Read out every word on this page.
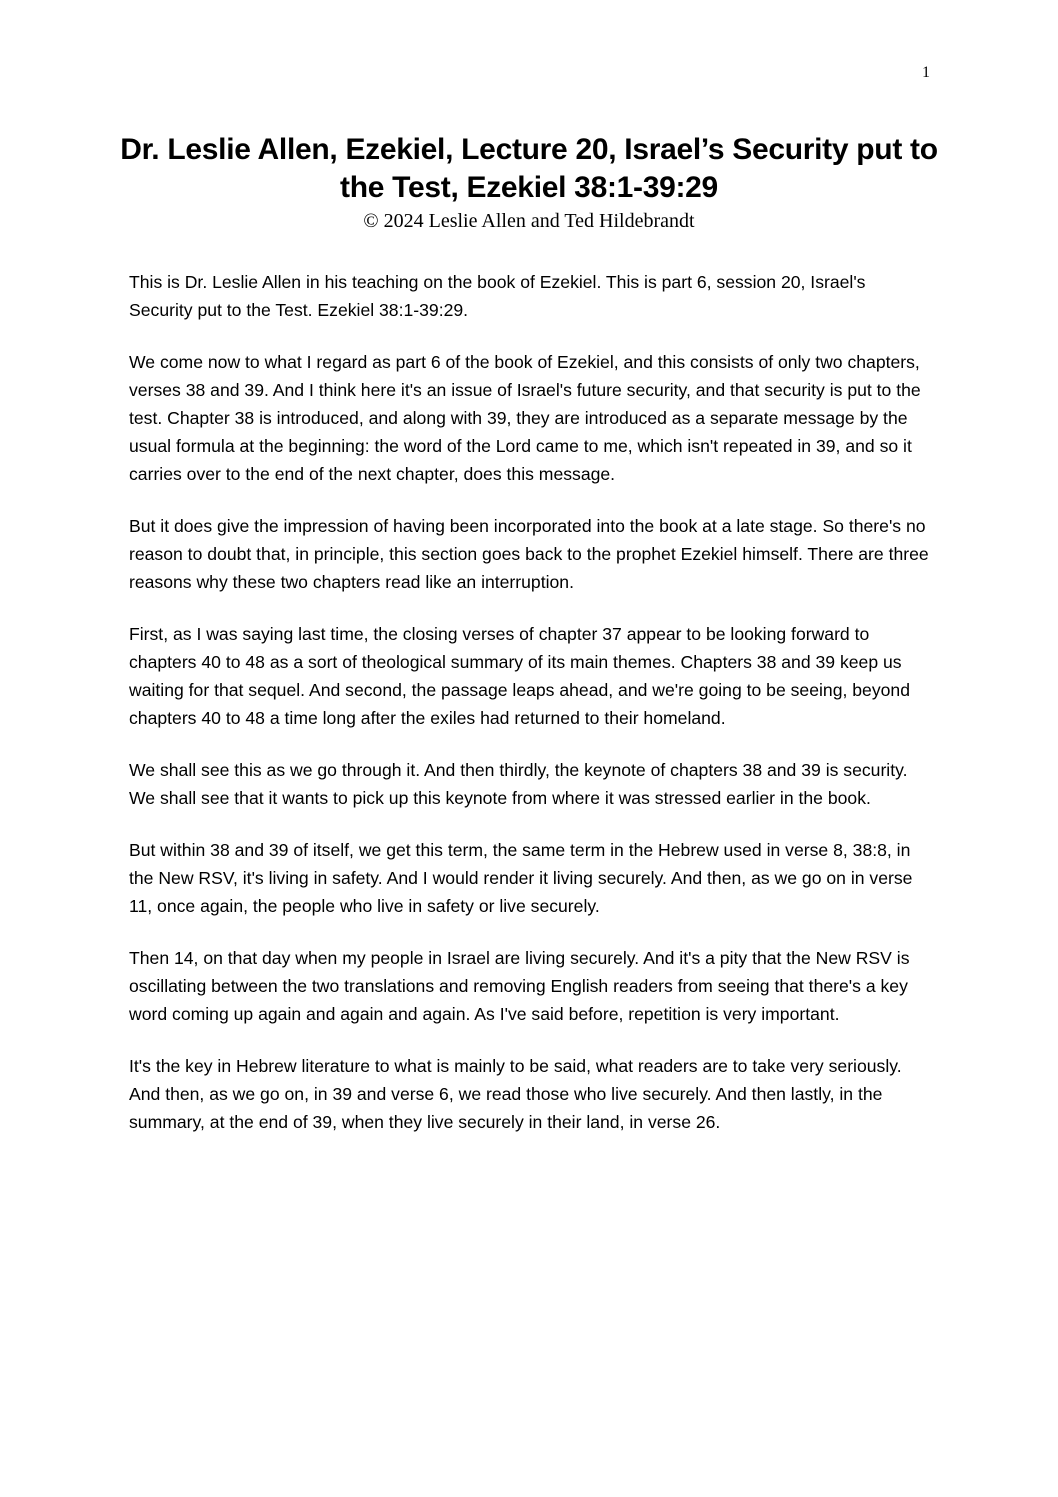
1
Dr. Leslie Allen, Ezekiel, Lecture 20, Israel’s Security put to the Test, Ezekiel 38:1-39:29
© 2024 Leslie Allen and Ted Hildebrandt

This is Dr. Leslie Allen in his teaching on the book of Ezekiel. This is part 6, session 20, Israel's Security put to the Test. Ezekiel 38:1-39:29.

We come now to what I regard as part 6 of the book of Ezekiel, and this consists of only two chapters, verses 38 and 39. And I think here it's an issue of Israel's future security, and that security is put to the test. Chapter 38 is introduced, and along with 39, they are introduced as a separate message by the usual formula at the beginning: the word of the Lord came to me, which isn't repeated in 39, and so it carries over to the end of the next chapter, does this message.

But it does give the impression of having been incorporated into the book at a late stage. So there's no reason to doubt that, in principle, this section goes back to the prophet Ezekiel himself. There are three reasons why these two chapters read like an interruption.

First, as I was saying last time, the closing verses of chapter 37 appear to be looking forward to chapters 40 to 48 as a sort of theological summary of its main themes. Chapters 38 and 39 keep us waiting for that sequel. And second, the passage leaps ahead, and we're going to be seeing, beyond chapters 40 to 48 a time long after the exiles had returned to their homeland.

We shall see this as we go through it. And then thirdly, the keynote of chapters 38 and 39 is security. We shall see that it wants to pick up this keynote from where it was stressed earlier in the book.

But within 38 and 39 of itself, we get this term, the same term in the Hebrew used in verse 8, 38:8, in the New RSV, it's living in safety. And I would render it living securely. And then, as we go on in verse 11, once again, the people who live in safety or live securely.

Then 14, on that day when my people in Israel are living securely. And it's a pity that the New RSV is oscillating between the two translations and removing English readers from seeing that there's a key word coming up again and again and again. As I've said before, repetition is very important.

It's the key in Hebrew literature to what is mainly to be said, what readers are to take very seriously. And then, as we go on, in 39 and verse 6, we read those who live securely. And then lastly, in the summary, at the end of 39, when they live securely in their land, in verse 26.
